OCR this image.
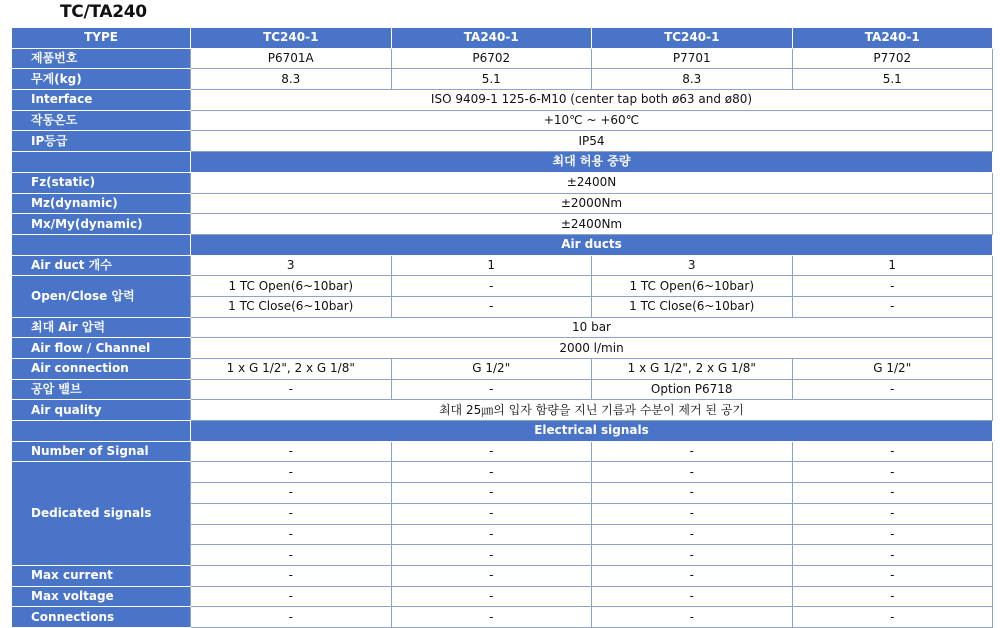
TC/TA240
TYPE	TC240-1	TA240-1	TC240-1	TA240-1
제품번호	P6701A	P6702	P7701	P7702
무게(kg)	8.3	5.1	8.3	5.1
Interface	ISO 9409-1 125-6-M10 (center tap both ø63 and ø80)			
작동온도	+10℃ ~ +60℃			
IP등급	IP54			
	최대 허용 중량			
Fz(static)	±2400N			
Mz(dynamic)	±2000Nm			
Mx/My(dynamic)	±2400Nm			
	Air ducts			
Air duct 개수	3	1	3	1
Open/Close 압력	1 TC Open(6~10bar)	-	1 TC Open(6~10bar)	-
	1 TC Close(6~10bar)	-	1 TC Close(6~10bar)	-
최대 Air 압력	10 bar			
Air flow / Channel	2000 l/min			
Air connection	1 x G 1/2", 2 x G 1/8"	G 1/2"	1 x G 1/2", 2 x G 1/8"	G 1/2"
공압 밸브	-	-	Option P6718	-
Air quality	최대 25㎛의 입자 함량을 지닌 기름과 수분이 제거 된 공기			
	Electrical signals			
Number of Signal	-	-	-	-
Dedicated signals	-	-	-	-
	-	-	-	-
	-	-	-	-
	-	-	-	-
	-	-	-	-
Max current	-	-	-	-
Max voltage	-	-	-	-
Connections	-	-	-	-
